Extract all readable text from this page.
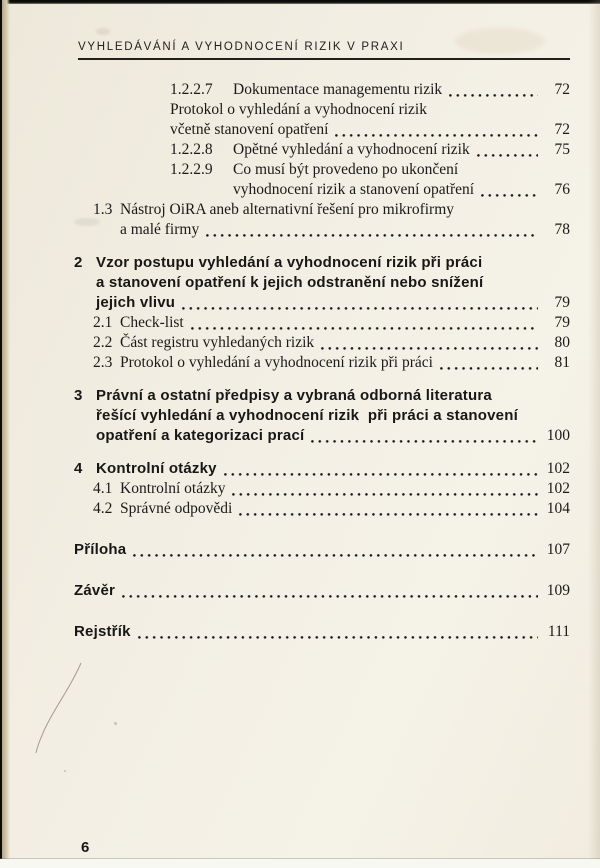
VYHLEDÁVÁNÍ A VYHODNOCENÍ RIZIK V PRAXI
1.2.2.7	Dokumentace managementu rizik	72
Protokol o vyhledání a vyhodnocení rizik
včetně stanovení opatření	72
1.2.2.8	Opětné vyhledání a vyhodnocení rizik	75
1.2.2.9	Co musí být provedeno po ukončení
vyhodnocení rizik a stanovení opatření	76
1.3 Nástroj OiRA aneb alternativní řešení pro mikrofirmy
a malé firmy	78
2 Vzor postupu vyhledání a vyhodnocení rizik při práci
a stanovení opatření k jejich odstranění nebo snížení
jejich vlivu	79
2.1 Check-list	79
2.2 Část registru vyhledaných rizik	80
2.3 Protokol o vyhledání a vyhodnocení rizik při práci	81
3 Právní a ostatní předpisy a vybraná odborná literatura
řešící vyhledání a vyhodnocení rizik  při práci a stanovení
opatření a kategorizaci prací	100
4 Kontrolní otázky	102
4.1 Kontrolní otázky	102
4.2 Správné odpovědi	104
Příloha	107
Závěr	109
Rejstřík	111
6
